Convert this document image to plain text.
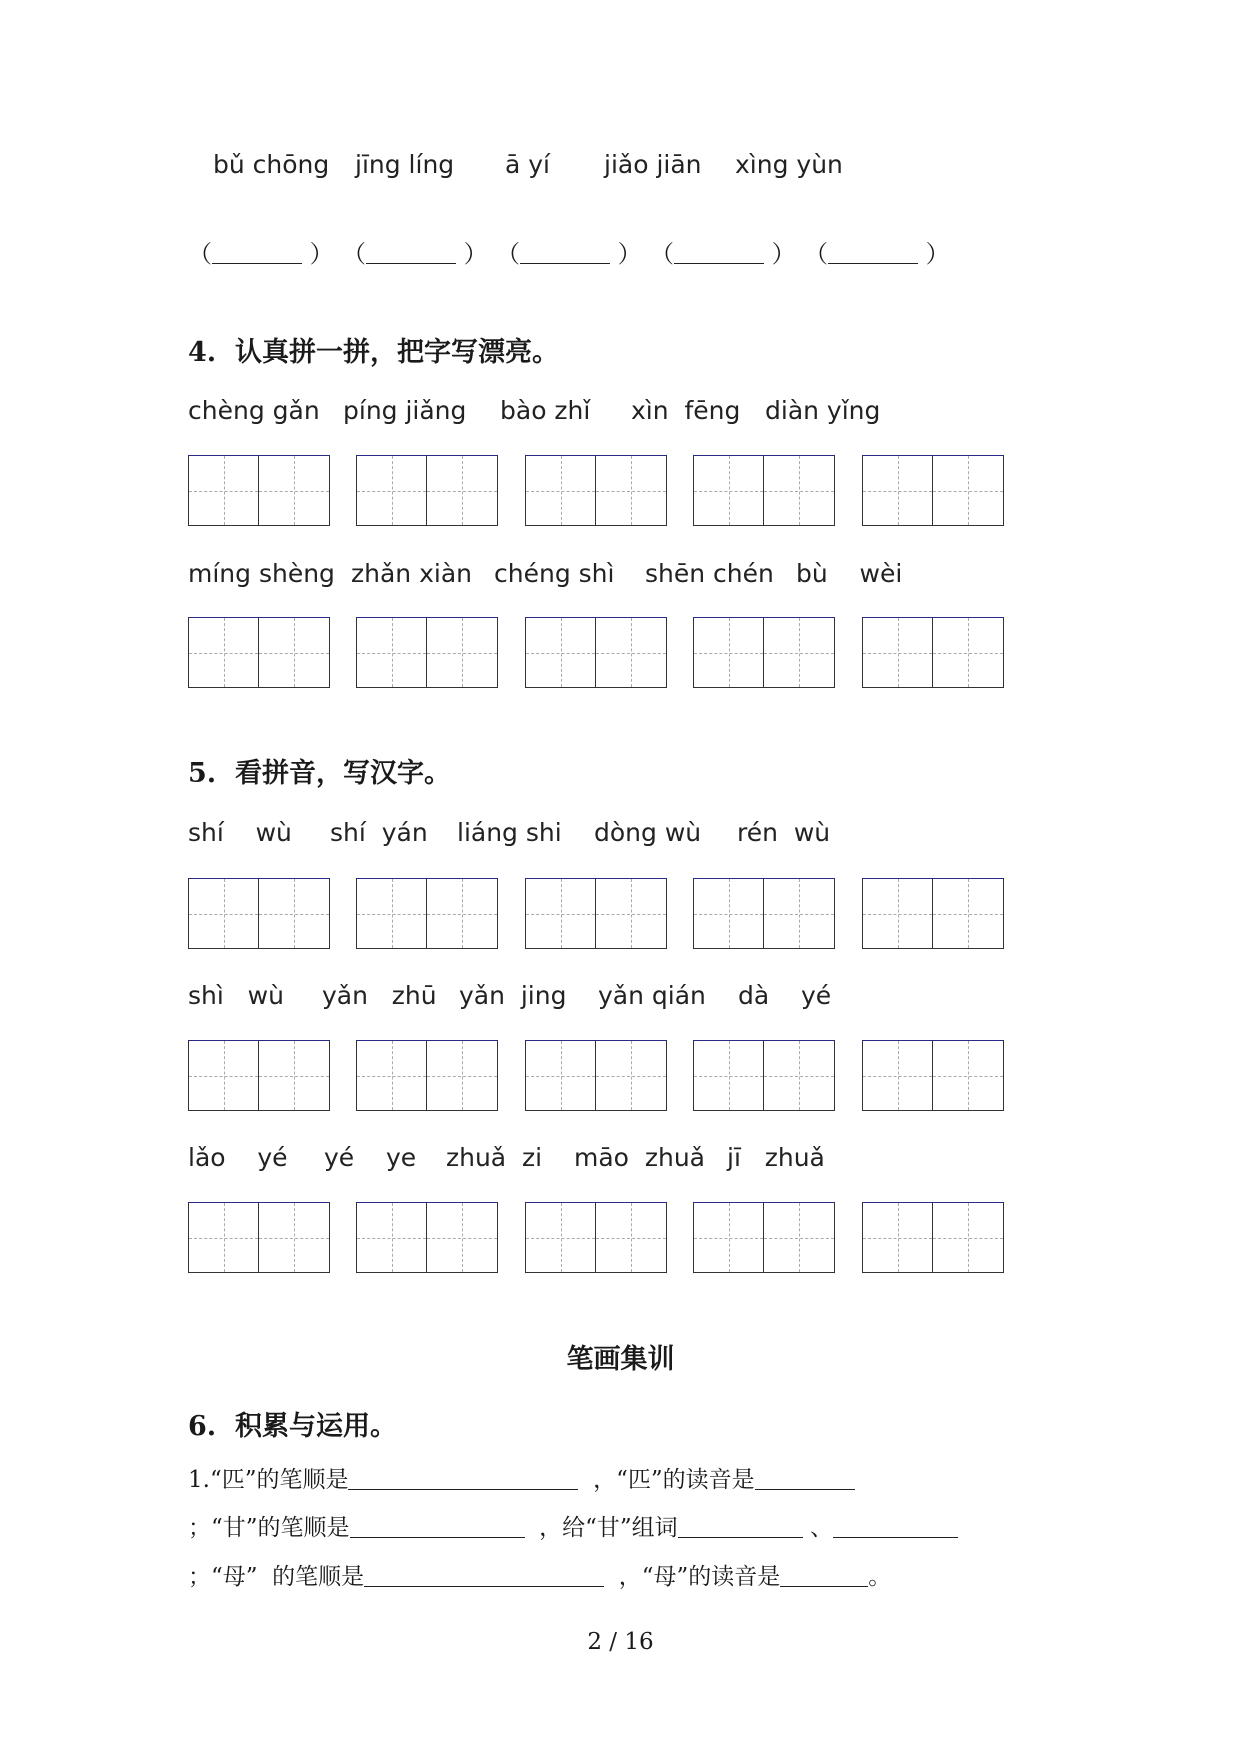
bǔ chōng jīng líng ā yí jiǎo jiān xìng yùn
（	） （	） （	） （	） （	）
4.  认真拼一拼，把字写漂亮。
chèng gǎn píng jiǎng bào zhǐ xìn  fēng diàn yǐng
míng shèng zhǎn xiàn chéng shì shēn chén bù    wèi
5.  看拼音，写汉字。
shí    wù shí  yán liáng shi dòng wù rén  wù
shì   wù yǎn   zhū yǎn  jing yǎn qián dà    yé
lǎo    yé yé    ye zhuǎ  zi māo  zhuǎ jī   zhuǎ
笔画集训
6.  积累与运用。
1.“匹”的笔顺是	，“匹”的读音是
；“甘”的笔顺是	，给“甘”组词	、
；“母”  的笔顺是	，“母”的读音是	。
2 / 16
